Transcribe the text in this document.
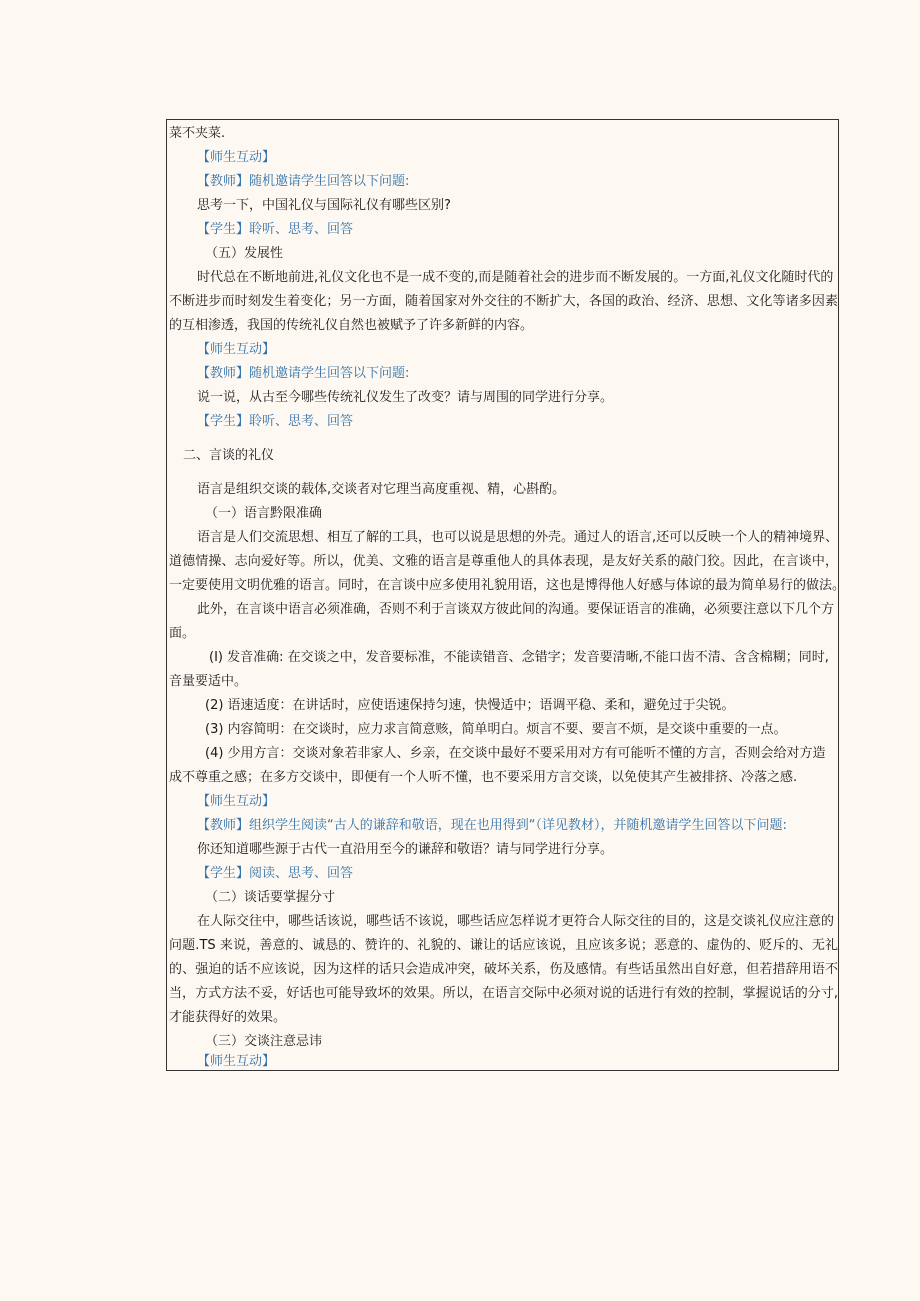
菜不夹菜.
【师生互动】
【教师】随机邀请学生回答以下问题:
思考一下，中国礼仪与国际礼仪有哪些区别?
【学生】聆听、思考、回答
（五）发展性
时代总在不断地前进,礼仪文化也不是一成不变的,而是随着社会的进步而不断发展的。一方面,礼仪文化随时代的
不断进步而时刻发生着变化；另一方面，随着国家对外交往的不断扩大，各国的政治、经济、思想、文化等诸多因素
的互相渗透，我国的传统礼仪自然也被赋予了许多新鲜的内容。
【师生互动】
【教师】随机邀请学生回答以下问题:
说一说，从古至今哪些传统礼仪发生了改变？请与周围的同学进行分享。
【学生】聆听、思考、回答
二、言谈的礼仪
语言是组织交谈的载体,交谈者对它理当高度重视、精，心斟酌。
（一）语言黔限准确
语言是人们交流思想、相互了解的工具，也可以说是思想的外壳。通过人的语言,还可以反映一个人的精神境界、
道德情操、志向爱好等。所以，优美、文雅的语言是尊重他人的具体表现，是友好关系的敲门狡。因此，在言谈中，
一定要使用文明优雅的语言。同时，在言谈中应多使用礼貌用语，这也是博得他人好感与体谅的最为简单易行的做法。
此外，在言谈中语言必须准确，否则不利于言谈双方彼此间的沟通。要保证语言的准确，必须要注意以下几个方
面。
(I) 发音准确: 在交谈之中，发音要标准，不能读错音、念错字；发音要清晰,不能口齿不清、含含棉糊；同时,
音量要适中。
(2) 语速适度：在讲话时，应使语速保持匀速，快慢适中；语调平稳、柔和，避免过于尖锐。
(3) 内容简明：在交谈时，应力求言简意赅，简单明白。烦言不要、要言不烦，是交谈中重要的一点。
(4) 少用方言：交谈对象若非家人、乡亲，在交谈中最好不要采用对方有可能听不懂的方言，否则会给对方造
成不尊重之感；在多方交谈中，即便有一个人听不懂，也不要采用方言交谈，以免使其产生被排挤、冷落之感.
【师生互动】
【教师】组织学生阅读“古人的谦辞和敬语，现在也用得到“（详见教材），并随机邀请学生回答以下问题:
你还知道哪些源于古代一直沿用至今的谦辞和敬语？请与同学进行分享。
【学生】阅读、思考、回答
（二）谈话要掌握分寸
在人际交往中，哪些话该说，哪些话不该说，哪些话应怎样说才更符合人际交往的目的，这是交谈礼仪应注意的
问题.TS 来说，善意的、诚恳的、赞许的、礼貌的、谦让的话应该说，且应该多说；恶意的、虚伪的、贬斥的、无礼
的、强迫的话不应该说，因为这样的话只会造成冲突，破坏关系，伤及感情。有些话虽然出自好意，但若措辞用语不
当，方式方法不妥，好话也可能导致坏的效果。所以，在语言交际中必须对说的话进行有效的控制，掌握说话的分寸,
才能获得好的效果。
（三）交谈注意忌讳
【师生互动】
